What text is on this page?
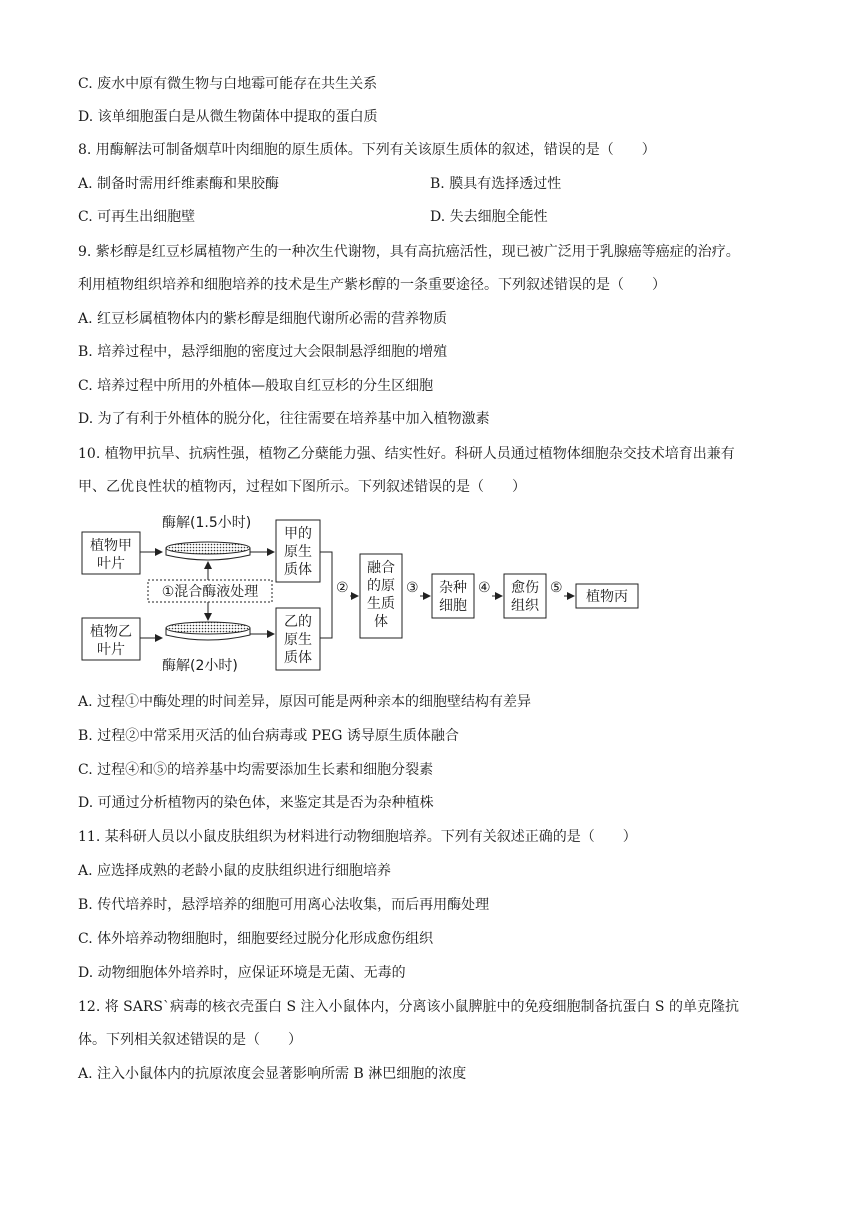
C. 废水中原有微生物与白地霉可能存在共生关系
D. 该单细胞蛋白是从微生物菌体中提取的蛋白质
8. 用酶解法可制备烟草叶肉细胞的原生质体。下列有关该原生质体的叙述，错误的是（　　）
A. 制备时需用纤维素酶和果胶酶	B. 膜具有选择透过性
C. 可再生出细胞壁	D. 失去细胞全能性
9. 紫杉醇是红豆杉属植物产生的一种次生代谢物，具有高抗癌活性，现已被广泛用于乳腺癌等癌症的治疗。
利用植物组织培养和细胞培养的技术是生产紫杉醇的一条重要途径。下列叙述错误的是（　　）
A. 红豆杉属植物体内的紫杉醇是细胞代谢所必需的营养物质
B. 培养过程中，悬浮细胞的密度过大会限制悬浮细胞的增殖
C. 培养过程中所用的外植体—般取自红豆杉的分生区细胞
D. 为了有利于外植体的脱分化，往往需要在培养基中加入植物激素
10. 植物甲抗旱、抗病性强，植物乙分蘖能力强、结实性好。科研人员通过植物体细胞杂交技术培育出兼有
甲、乙优良性状的植物丙，过程如下图所示。下列叙述错误的是（　　）
植物甲
叶片
酶解(1.5小时)
①混合酶液处理
甲的
原生
质体
植物乙
叶片
酶解(2小时)
乙的
原生
质体
②
融合
的原
生质
体
③ 杂种
细胞
④ 愈伤
组织
⑤
植物丙
A. 过程①中酶处理的时间差异，原因可能是两种亲本的细胞壁结构有差异
B. 过程②中常采用灭活的仙台病毒或 PEG 诱导原生质体融合
C. 过程④和⑤的培养基中均需要添加生长素和细胞分裂素
D. 可通过分析植物丙的染色体，来鉴定其是否为杂种植株
11. 某科研人员以小鼠皮肤组织为材料进行动物细胞培养。下列有关叙述正确的是（　　）
A. 应选择成熟的老龄小鼠的皮肤组织进行细胞培养
B. 传代培养时，悬浮培养的细胞可用离心法收集，而后再用酶处理
C. 体外培养动物细胞时，细胞要经过脱分化形成愈伤组织
D. 动物细胞体外培养时，应保证环境是无菌、无毒的
12. 将 SARS`病毒的核衣壳蛋白 S 注入小鼠体内，分离该小鼠脾脏中的免疫细胞制备抗蛋白 S 的单克隆抗
体。下列相关叙述错误的是（　　）
A. 注入小鼠体内的抗原浓度会显著影响所需 B 淋巴细胞的浓度
